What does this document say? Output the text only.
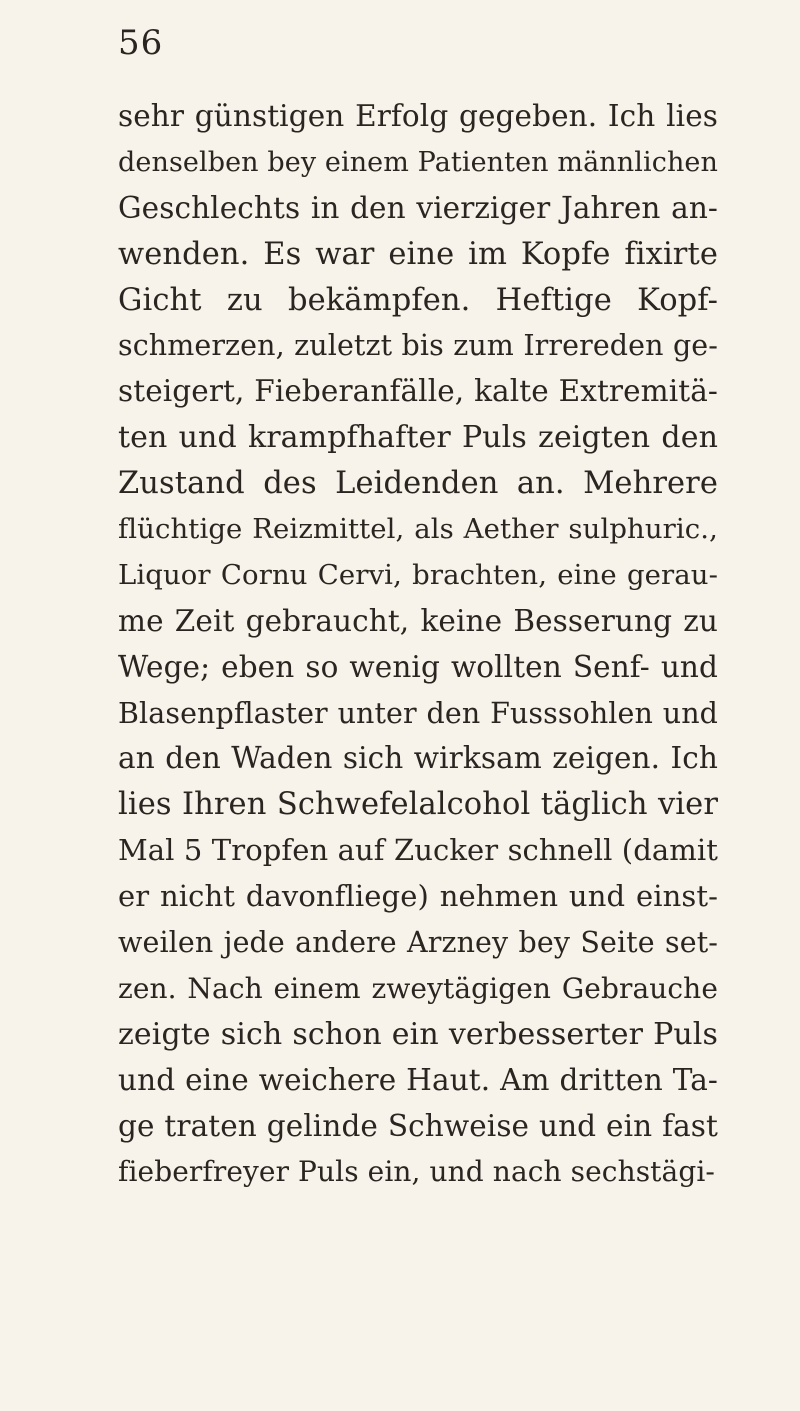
56
sehr günstigen Erfolg gegeben. Ich lies
denselben bey einem Patienten männlichen
Geschlechts in den vierziger Jahren an-
wenden. Es war eine im Kopfe fixirte
Gicht zu bekämpfen. Heftige Kopf-
schmerzen, zuletzt bis zum Irrereden ge-
steigert, Fieberanfälle, kalte Extremitä-
ten und krampfhafter Puls zeigten den
Zustand des Leidenden an. Mehrere
flüchtige Reizmittel, als Aether sulphuric.,
Liquor Cornu Cervi, brachten, eine gerau-
me Zeit gebraucht, keine Besserung zu
Wege; eben so wenig wollten Senf- und
Blasenpflaster unter den Fusssohlen und
an den Waden sich wirksam zeigen. Ich
lies Ihren Schwefelalcohol täglich vier
Mal 5 Tropfen auf Zucker schnell (damit
er nicht davonfliege) nehmen und einst-
weilen jede andere Arzney bey Seite set-
zen. Nach einem zweytägigen Gebrauche
zeigte sich schon ein verbesserter Puls
und eine weichere Haut. Am dritten Ta-
ge traten gelinde Schweise und ein fast
fieberfreyer Puls ein, und nach sechstägi-
